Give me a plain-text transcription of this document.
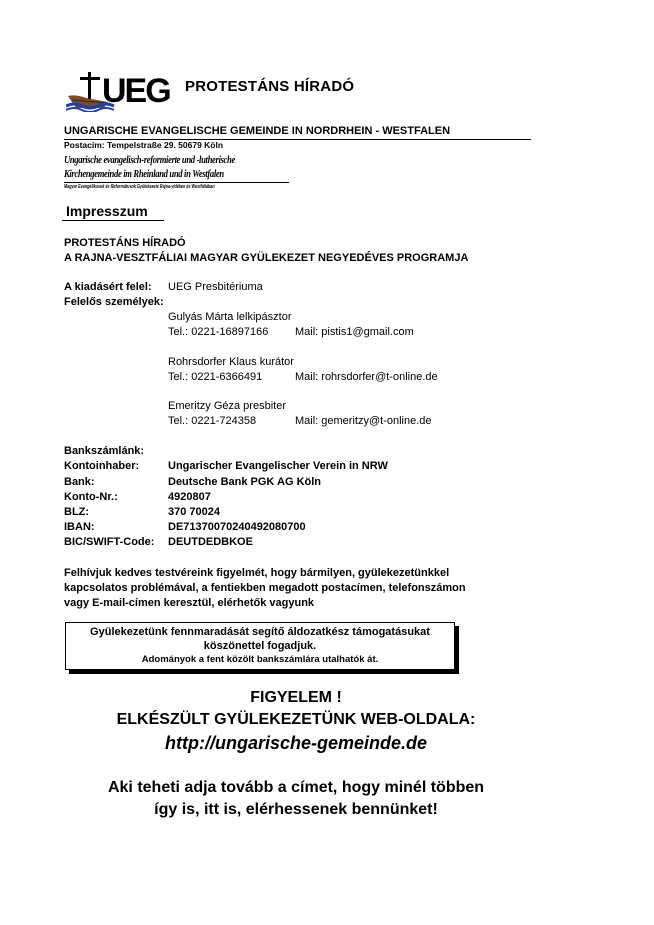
UEG PROTESTÁNS HÍRADÓ
UNGARISCHE EVANGELISCHE GEMEINDE IN NORDRHEIN - WESTFALEN
Postacím: Tempelstraße 29. 50679 Köln
Ungarische evangelisch-reformierte und -lutherische
Kirchengemeinde im Rheinland und in Westfalen
Magyar Evangélikusok és Reformátusok Gyülekezete Rajna-vidéken és Westfáliában
Impresszum
PROTESTÁNS HÍRADÓ
A RAJNA-VESZTFÁLIAI MAGYAR GYÜLEKEZET NEGYEDÉVES PROGRAMJA
A kiadásért felel: UEG Presbitériuma
Felelős személyek:
Gulyás Márta lelkipásztor
Tel.: 0221-16897166 Mail: pistis1@gmail.com
Rohrsdorfer Klaus kurátor
Tel.: 0221-6366491	Mail: rohrsdorfer@t-online.de
Emeritzy Géza presbiter
Tel.: 0221-724358	Mail: gemeritzy@t-online.de
Bankszámlánk:
Kontoinhaber:	Ungarischer Evangelischer Verein in NRW
Bank:	Deutsche Bank PGK AG Köln
Konto-Nr.:	4920807
BLZ:	370 70024
IBAN:	DE71370070240492080700
BIC/SWIFT-Code: DEUTDEDBKOE
Felhívjuk kedves testvéreink figyelmét, hogy bármilyen, gyülekezetünkkel
kapcsolatos problémával, a fentiekben megadott postacímen, telefonszámon
vagy E-mail-címen keresztül, elérhetők vagyunk
Gyülekezetünk fennmaradását segítő áldozatkész támogatásukat
köszönettel fogadjuk.
Adományok a fent közölt bankszámlára utalhatók át.
FIGYELEM !
ELKÉSZÜLT GYÜLEKEZETÜNK WEB-OLDALA:
http://ungarische-gemeinde.de
Aki teheti adja tovább a címet, hogy minél többen
így is, itt is, elérhessenek bennünket!
